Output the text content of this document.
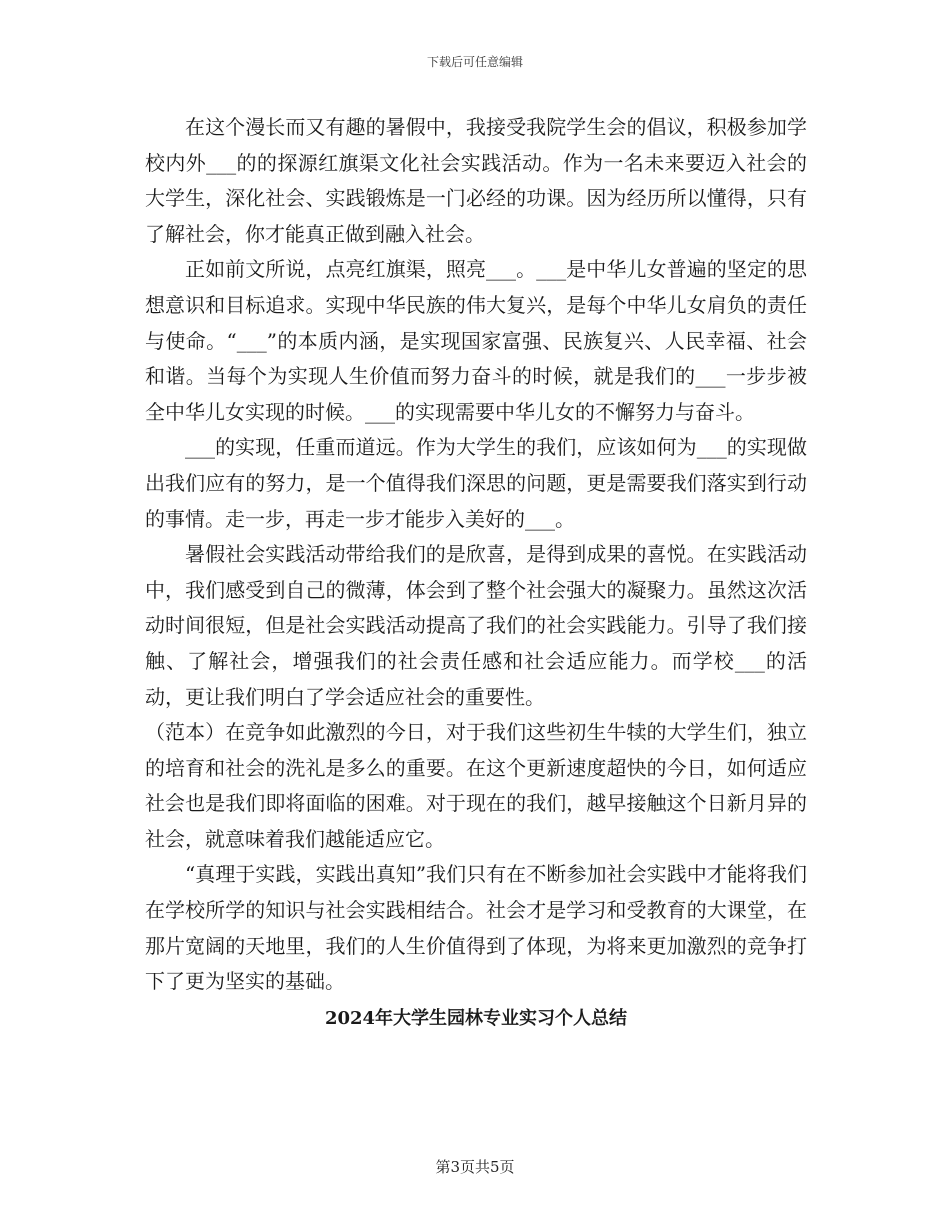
下载后可任意编辑

在这个漫长而又有趣的暑假中，我接受我院学生会的倡议，积极参加学校内外___的的探源红旗渠文化社会实践活动。作为一名未来要迈入社会的大学生，深化社会、实践锻炼是一门必经的功课。因为经历所以懂得，只有了解社会，你才能真正做到融入社会。

正如前文所说，点亮红旗渠，照亮___。___是中华儿女普遍的坚定的思想意识和目标追求。实现中华民族的伟大复兴，是每个中华儿女肩负的责任与使命。“___”的本质内涵，是实现国家富强、民族复兴、人民幸福、社会和谐。当每个为实现人生价值而努力奋斗的时候，就是我们的___一步步被全中华儿女实现的时候。___的实现需要中华儿女的不懈努力与奋斗。

___的实现，任重而道远。作为大学生的我们，应该如何为___的实现做出我们应有的努力，是一个值得我们深思的问题，更是需要我们落实到行动的事情。走一步，再走一步才能步入美好的___。

暑假社会实践活动带给我们的是欣喜，是得到成果的喜悦。在实践活动中，我们感受到自己的微薄，体会到了整个社会强大的凝聚力。虽然这次活动时间很短，但是社会实践活动提高了我们的社会实践能力。引导了我们接触、了解社会，增强我们的社会责任感和社会适应能力。而学校___的活动，更让我们明白了学会适应社会的重要性。

（范本）在竞争如此激烈的今日，对于我们这些初生牛犊的大学生们，独立的培育和社会的洗礼是多么的重要。在这个更新速度超快的今日，如何适应社会也是我们即将面临的困难。对于现在的我们，越早接触这个日新月异的社会，就意味着我们越能适应它。

“真理于实践，实践出真知”我们只有在不断参加社会实践中才能将我们在学校所学的知识与社会实践相结合。社会才是学习和受教育的大课堂，在那片宽阔的天地里，我们的人生价值得到了体现，为将来更加激烈的竞争打下了更为坚实的基础。

2024年大学生园林专业实习个人总结
第3页共5页
